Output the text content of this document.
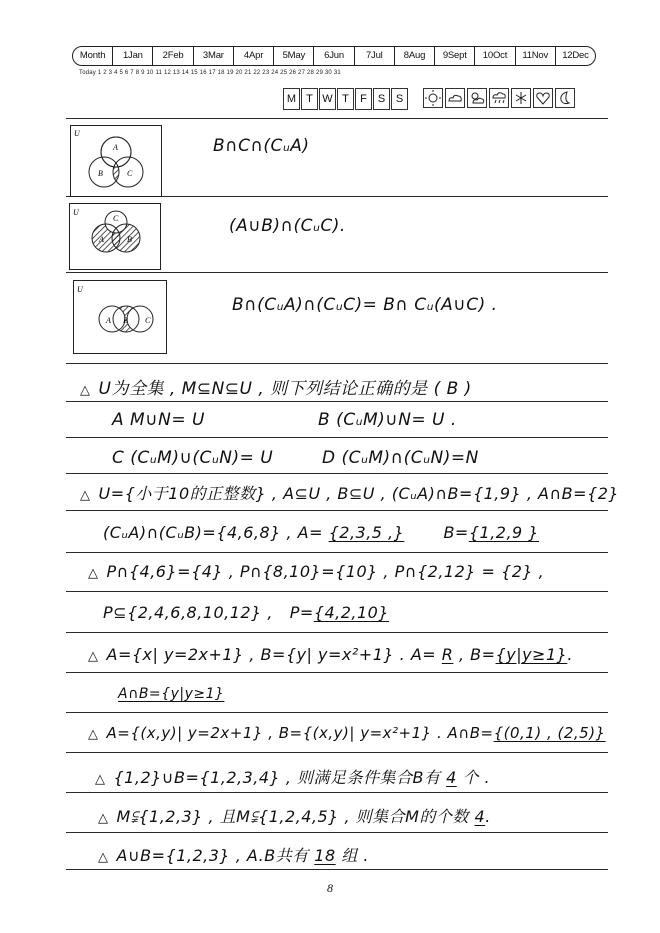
Month	1Jan	2Feb	3Mar	4Apr	5May	6Jun	7Jul	8Aug	9Sept	10Oct	11Nov	12Dec
Today 1 2 3 4 5 6 7 8 9 10 11 12 13 14 15 16 17 18 19 20 21 22 23 24 25 26 27 28 29 30 31
M T W T	F S S
U
A
B	C
U
C
A	B
U
A B C
B∩C∩(CᵤA)
(A∪B)∩(CᵤC).
B∩(CᵤA)∩(CᵤC)= B∩ Cᵤ(A∪C) .
△ U为全集 , M⊆N⊆U , 则下列结论正确的是 ( B )
A M∪N= U	B (CᵤM)∪N= U .
C (CᵤM)∪(CᵤN)= U	D (CᵤM)∩(CᵤN)=N
△ U={小于10的正整数} , A⊆U , B⊆U , (CᵤA)∩B={1,9} , A∩B={2}
(CᵤA)∩(CᵤB)={4,6,8} , A= {2,3,5 ,} B={1,2,9 }
△ P∩{4,6}={4} , P∩{8,10}={10} , P∩{2,12} = {2} ,
P⊆{2,4,6,8,10,12} , P={4,2,10}
△ A={x| y=2x+1} , B={y| y=x²+1} . A= R , B={y|y≥1}.
A∩B={y|y≥1}
△ A={(x,y)| y=2x+1} , B={(x,y)| y=x²+1} . A∩B={(0,1) , (2,5)}
△ {1,2}∪B={1,2,3,4} , 则满足条件集合B有 4 个 .
△ M⫋{1,2,3} , 且M⫋{1,2,4,5} , 则集合M的个数 4.
△ A∪B={1,2,3} , A.B共有 18 组 .
8
